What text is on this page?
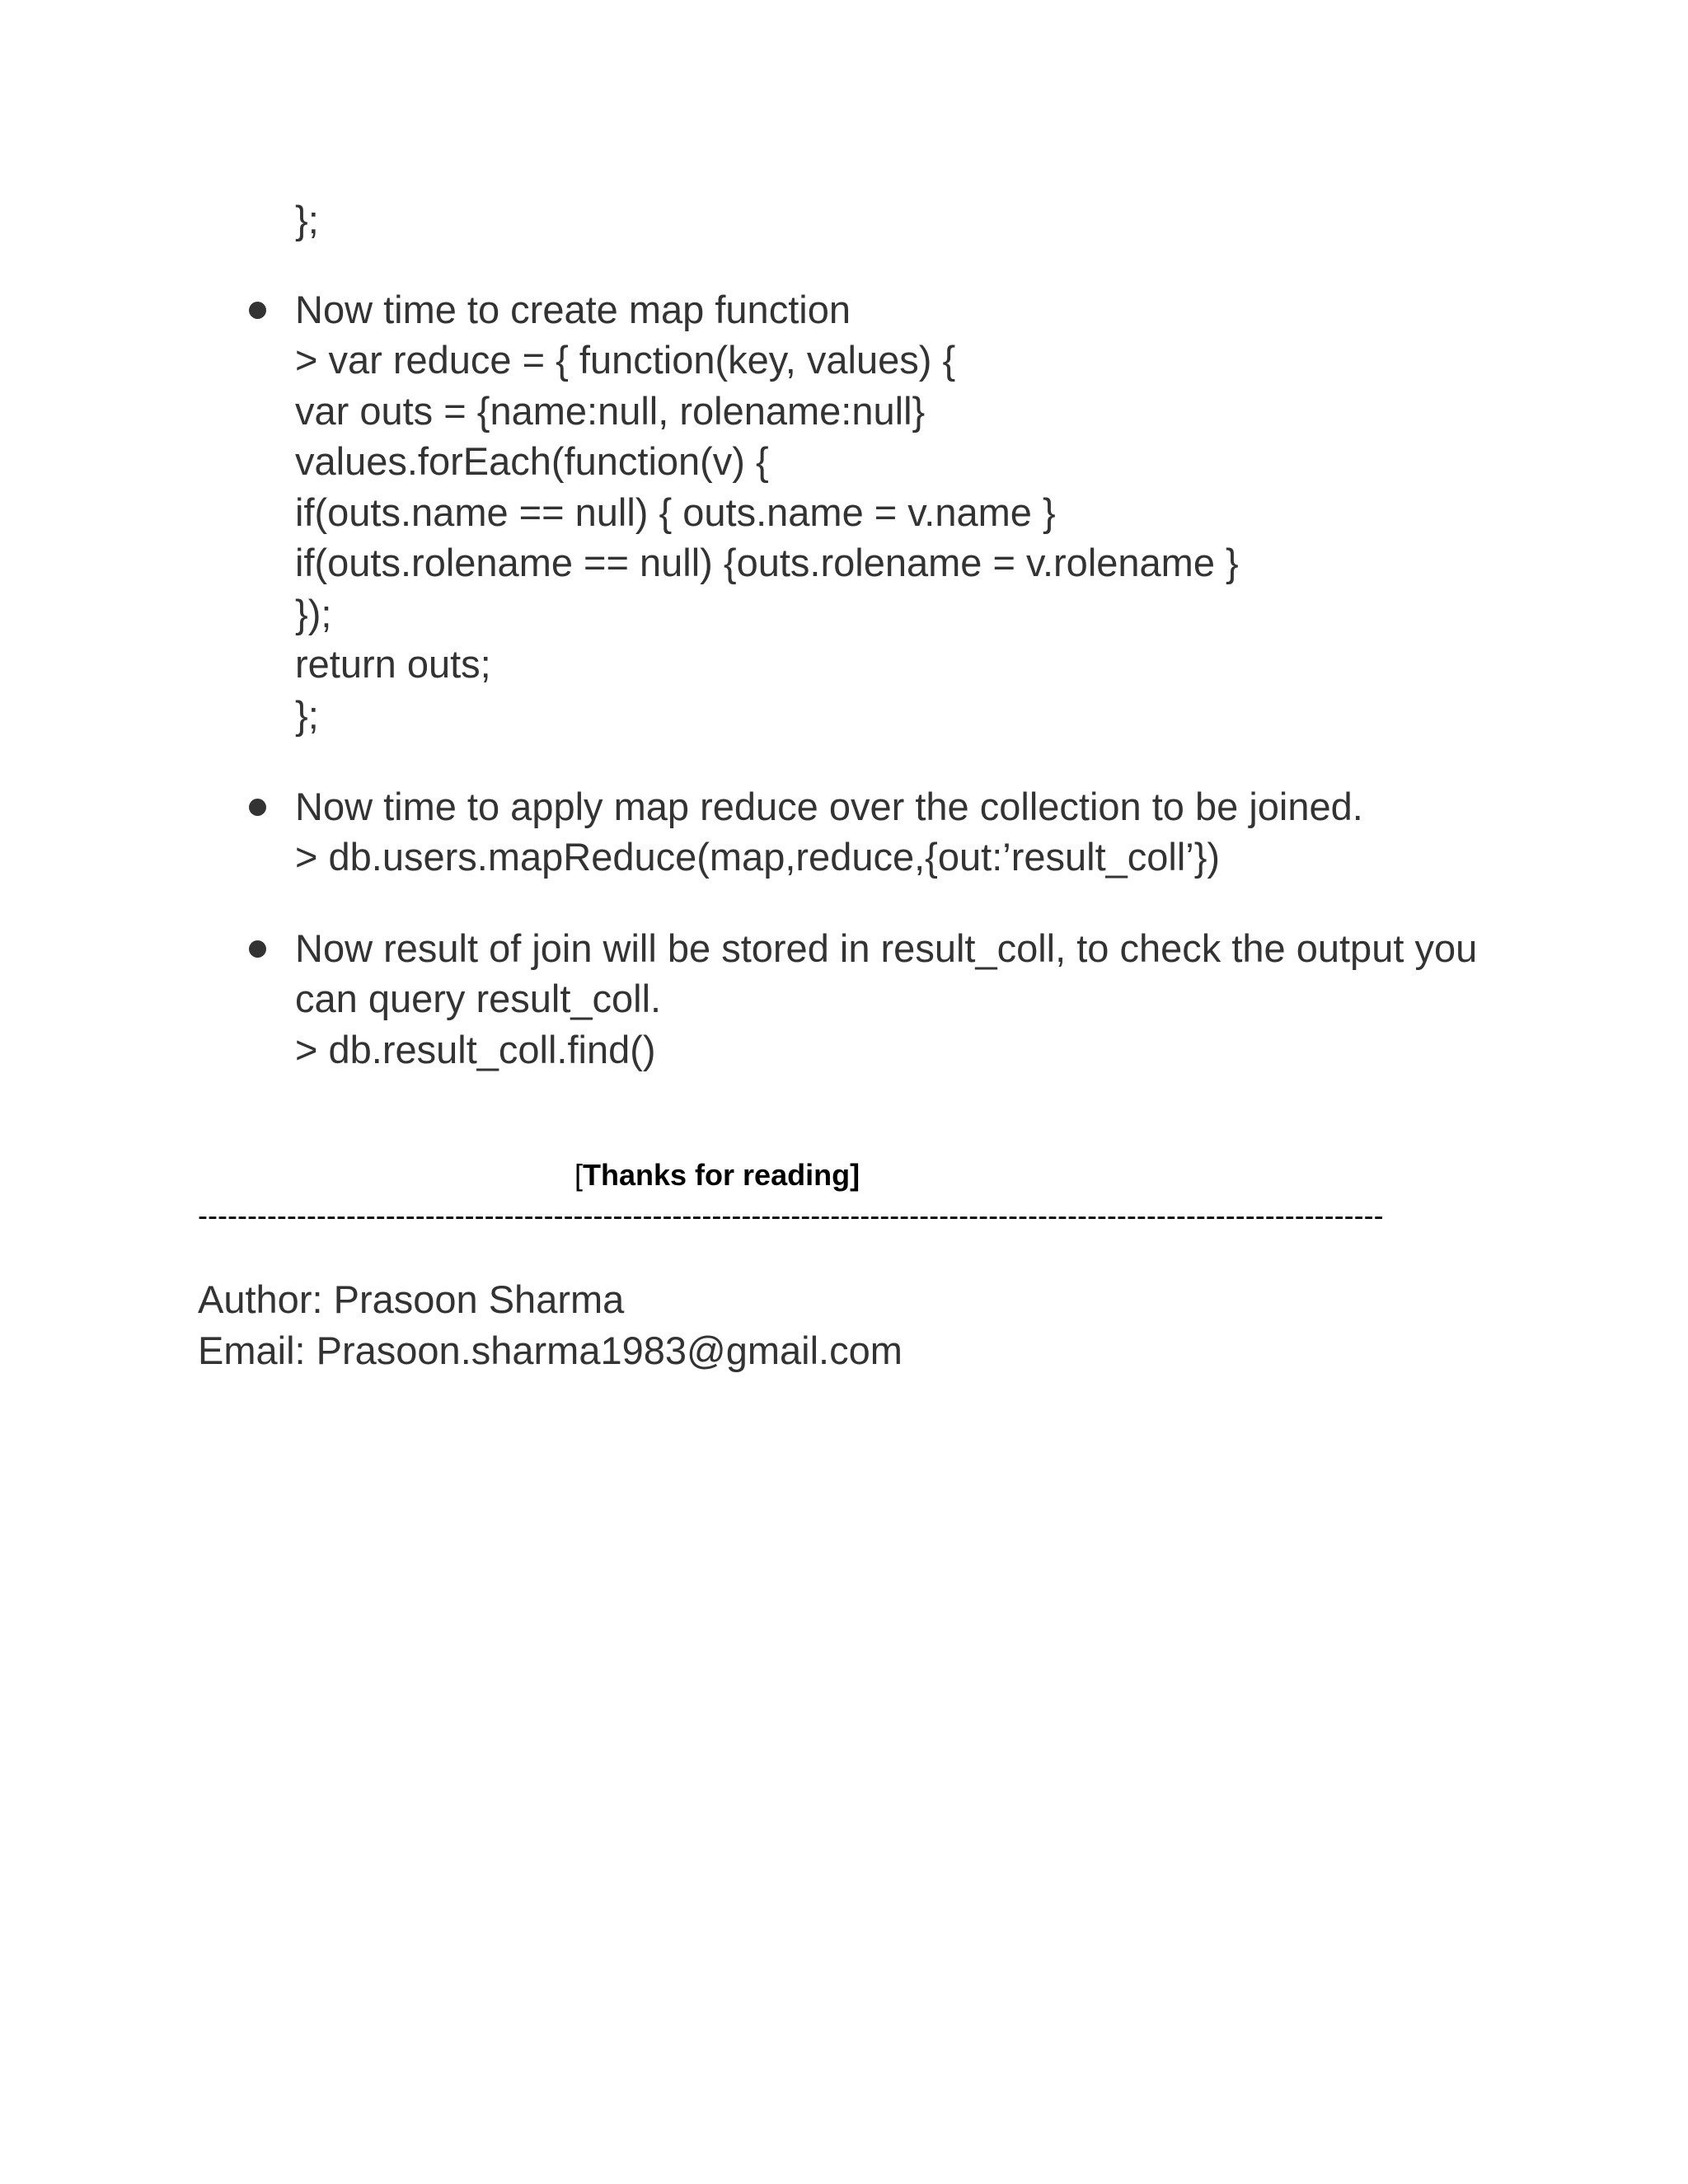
};
Now time to create map function
> var reduce = { function(key, values) {
var outs = {name:null, rolename:null}
values.forEach(function(v) {
if(outs.name == null) { outs.name = v.name }
if(outs.rolename == null) {outs.rolename = v.rolename }
});
return outs;
};
Now time to apply map reduce over the collection to be joined.
> db.users.mapReduce(map,reduce,{out:’result_coll’})
Now result of join will be stored in result_coll, to check the output you
can query result_coll.
> db.result_coll.find()
[Thanks for reading]
------------------------------------------------------------------------------------------------------------------------
Author: Prasoon Sharma
Email: Prasoon.sharma1983@gmail.com
